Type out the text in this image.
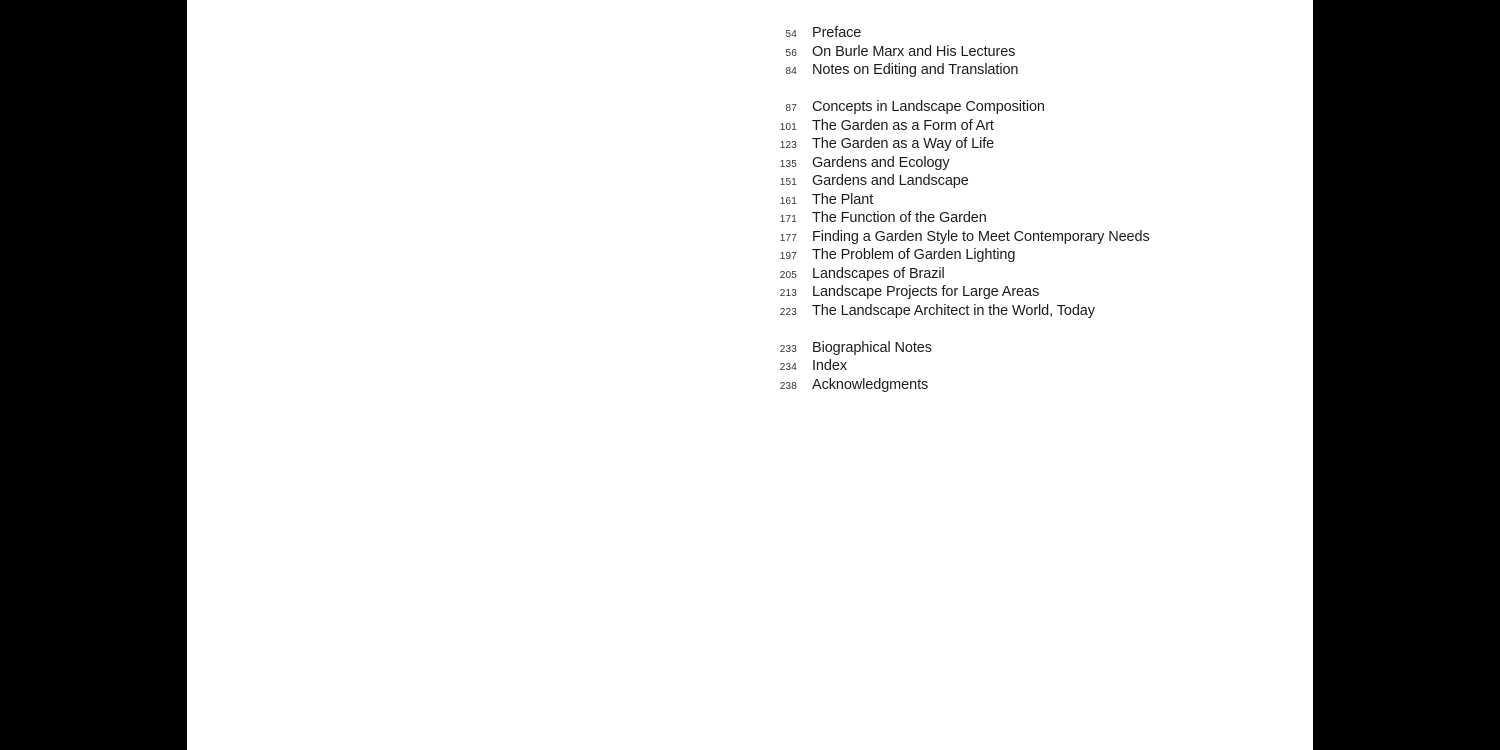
54 Preface
56 On Burle Marx and His Lectures
84 Notes on Editing and Translation
87 Concepts in Landscape Composition
101 The Garden as a Form of Art
123 The Garden as a Way of Life
135 Gardens and Ecology
151 Gardens and Landscape
161 The Plant
171 The Function of the Garden
177 Finding a Garden Style to Meet Contemporary Needs
197 The Problem of Garden Lighting
205 Landscapes of Brazil
213 Landscape Projects for Large Areas
223 The Landscape Architect in the World, Today
233 Biographical Notes
234 Index
238 Acknowledgments
